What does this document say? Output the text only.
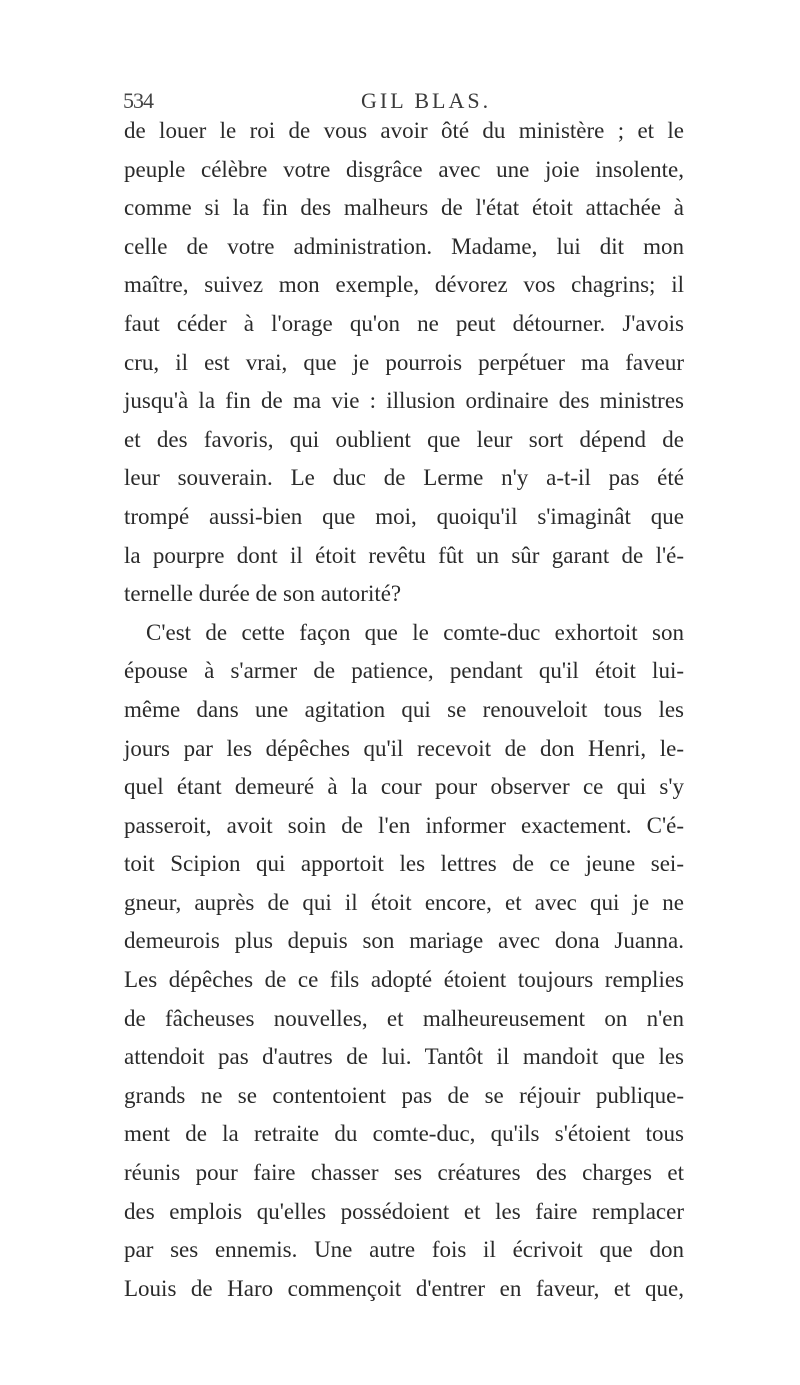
534	GIL BLAS.
de louer le roi de vous avoir ôté du ministère ; et le
peuple célèbre votre disgrâce avec une joie insolente,
comme si la fin des malheurs de l'état étoit attachée à
celle de votre administration. Madame, lui dit mon
maître, suivez mon exemple, dévorez vos chagrins; il
faut céder à l'orage qu'on ne peut détourner. J'avois
cru, il est vrai, que je pourrois perpétuer ma faveur
jusqu'à la fin de ma vie : illusion ordinaire des ministres
et des favoris, qui oublient que leur sort dépend de
leur souverain. Le duc de Lerme n'y a-t-il pas été
trompé aussi-bien que moi, quoiqu'il s'imaginât que
la pourpre dont il étoit revêtu fût un sûr garant de l'é-
ternelle durée de son autorité?
C'est de cette façon que le comte-duc exhortoit son
épouse à s'armer de patience, pendant qu'il étoit lui-
même dans une agitation qui se renouveloit tous les
jours par les dépêches qu'il recevoit de don Henri, le-
quel étant demeuré à la cour pour observer ce qui s'y
passeroit, avoit soin de l'en informer exactement. C'é-
toit Scipion qui apportoit les lettres de ce jeune sei-
gneur, auprès de qui il étoit encore, et avec qui je ne
demeurois plus depuis son mariage avec dona Juanna.
Les dépêches de ce fils adopté étoient toujours remplies
de fâcheuses nouvelles, et malheureusement on n'en
attendoit pas d'autres de lui. Tantôt il mandoit que les
grands ne se contentoient pas de se réjouir publique-
ment de la retraite du comte-duc, qu'ils s'étoient tous
réunis pour faire chasser ses créatures des charges et
des emplois qu'elles possédoient et les faire remplacer
par ses ennemis. Une autre fois il écrivoit que don
Louis de Haro commençoit d'entrer en faveur, et que,
